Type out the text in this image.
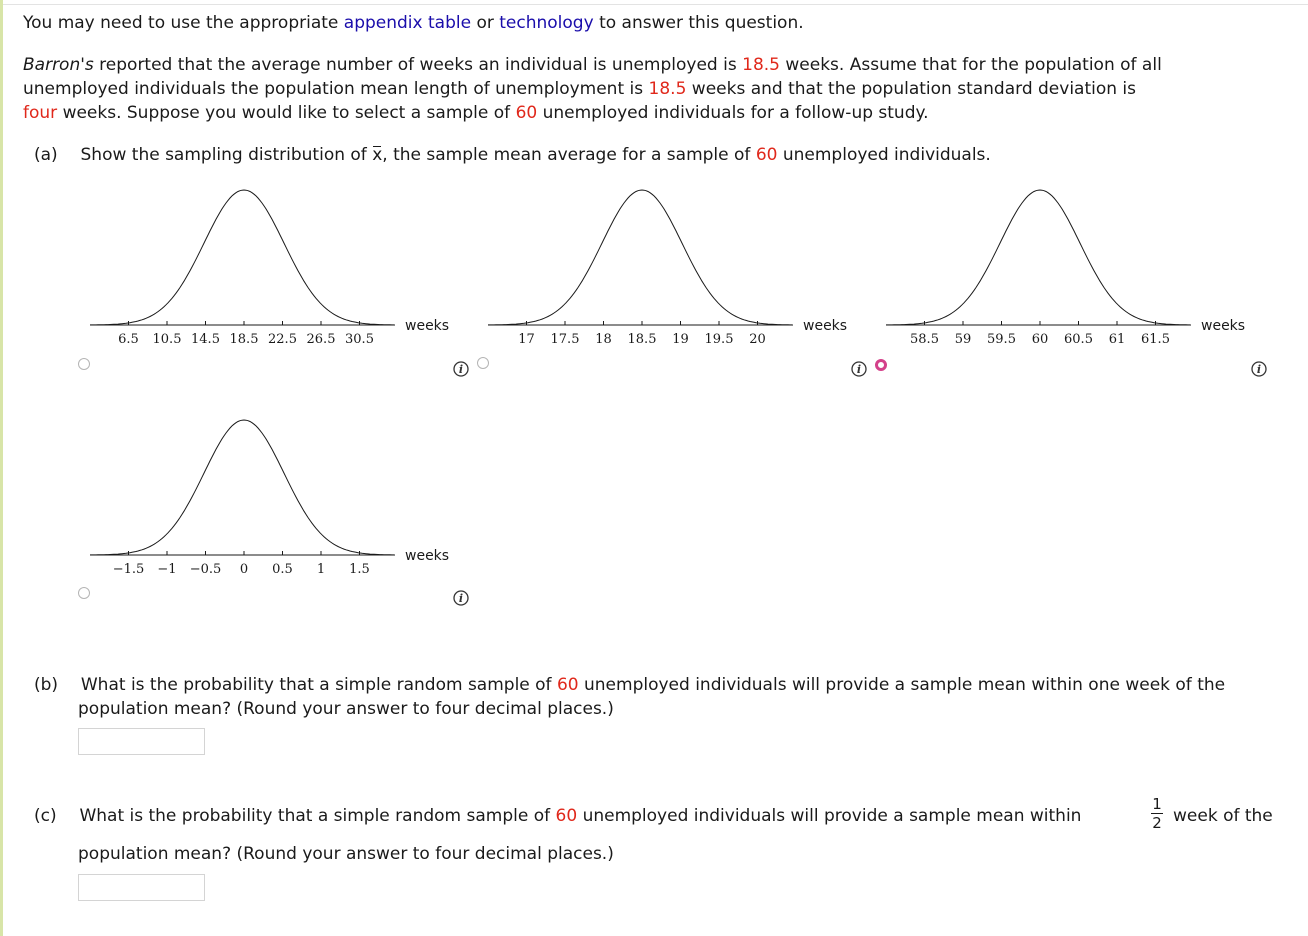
You may need to use the appropriate appendix table or technology to answer this question.
Barron's reported that the average number of weeks an individual is unemployed is 18.5 weeks. Assume that for the population of all
unemployed individuals the population mean length of unemployment is 18.5 weeks and that the population standard deviation is
four weeks. Suppose you would like to select a sample of 60 unemployed individuals for a follow-up study.
(a) Show the sampling distribution of x, the sample mean average for a sample of 60 unemployed individuals.
6.5 10.5 14.5 18.5 22.5 26.5 30.5
weeks
i
17 17.5 18 18.5 19 19.5 20
weeks
i
58.5 59 59.5 60 60.5 61 61.5
weeks
i
−1.5 −1 −0.5 0 0.5 1 1.5
weeks
i
(b) What is the probability that a simple random sample of 60 unemployed individuals will provide a sample mean within one week of the
population mean? (Round your answer to four decimal places.)
(c) What is the probability that a simple random sample of 60 unemployed individuals will provide a sample mean within
1
2 week of the
population mean? (Round your answer to four decimal places.)
